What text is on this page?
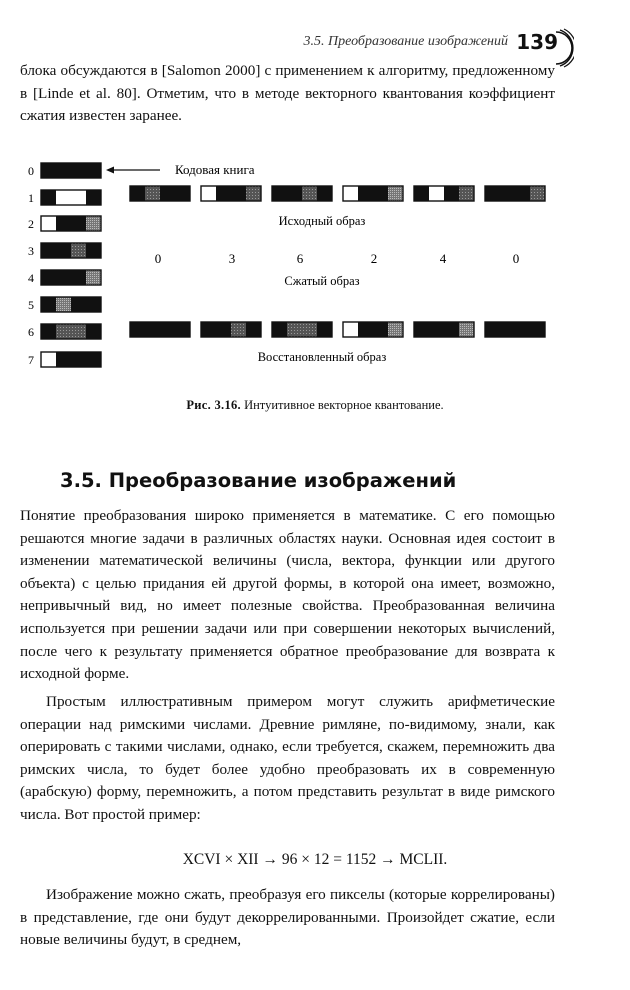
3.5. Преобразование изображений 139

блока обсуждаются в [Salomon 2000] с применением к алгоритму, предложенному в [Linde et al. 80]. Отметим, что в методе векторного квантования коэффициент сжатия известен заранее.

0
1
2
3
4
5
6
7
Кодовая книга
Исходный образ
0	3	6	2	4	0
Сжатый образ
Восстановленный образ
Рис. 3.16. Интуитивное векторное квантование.
3.5. Преобразование изображений

Понятие преобразования широко применяется в математике. С его помощью решаются многие задачи в различных областях науки. Основная идея состоит в изменении математической величины (числа, вектора, функции или другого объекта) с целью придания ей другой формы, в которой она имеет, возможно, непривычный вид, но имеет полезные свойства. Преобразованная величина используется при решении задачи или при совершении некоторых вычислений, после чего к результату применяется обратное преобразование для возврата к исходной форме.

Простым иллюстративным примером могут служить арифметические операции над римскими числами. Древние римляне, по-видимому, знали, как оперировать с такими числами, однако, если требуется, скажем, перемножить два римских числа, то будет более удобно преобразовать их в современную (арабскую) форму, перемножить, а потом представить результат в виде римского числа. Вот простой пример:

XCVI × XII → 96 × 12 = 1152 → MCLII.

Изображение можно сжать, преобразуя его пикселы (которые коррелированы) в представление, где они будут декоррелированными. Произойдет сжатие, если новые величины будут, в среднем,
